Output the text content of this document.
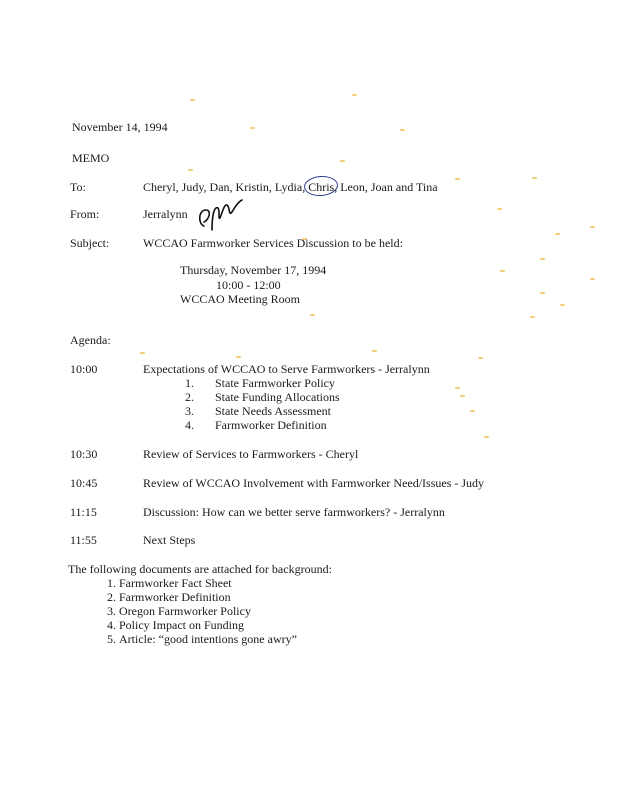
November 14, 1994
MEMO
To:	Cheryl, Judy, Dan, Kristin, Lydia, Chris, Leon, Joan and Tina
From:	Jerralynn
Subject:	WCCAO Farmworker Services Discussion to be held:
Thursday, November 17, 1994
10:00 - 12:00
WCCAO Meeting Room
Agenda:
10:00	Expectations of WCCAO to Serve Farmworkers - Jerralynn
1. State Farmworker Policy
2. State Funding Allocations
3. State Needs Assessment
4. Farmworker Definition
10:30	Review of Services to Farmworkers - Cheryl
10:45	Review of WCCAO Involvement with Farmworker Need/Issues - Judy
11:15	Discussion: How can we better serve farmworkers? - Jerralynn
11:55	Next Steps
The following documents are attached for background:
1. Farmworker Fact Sheet
2. Farmworker Definition
3. Oregon Farmworker Policy
4. Policy Impact on Funding
5. Article: “good intentions gone awry”
